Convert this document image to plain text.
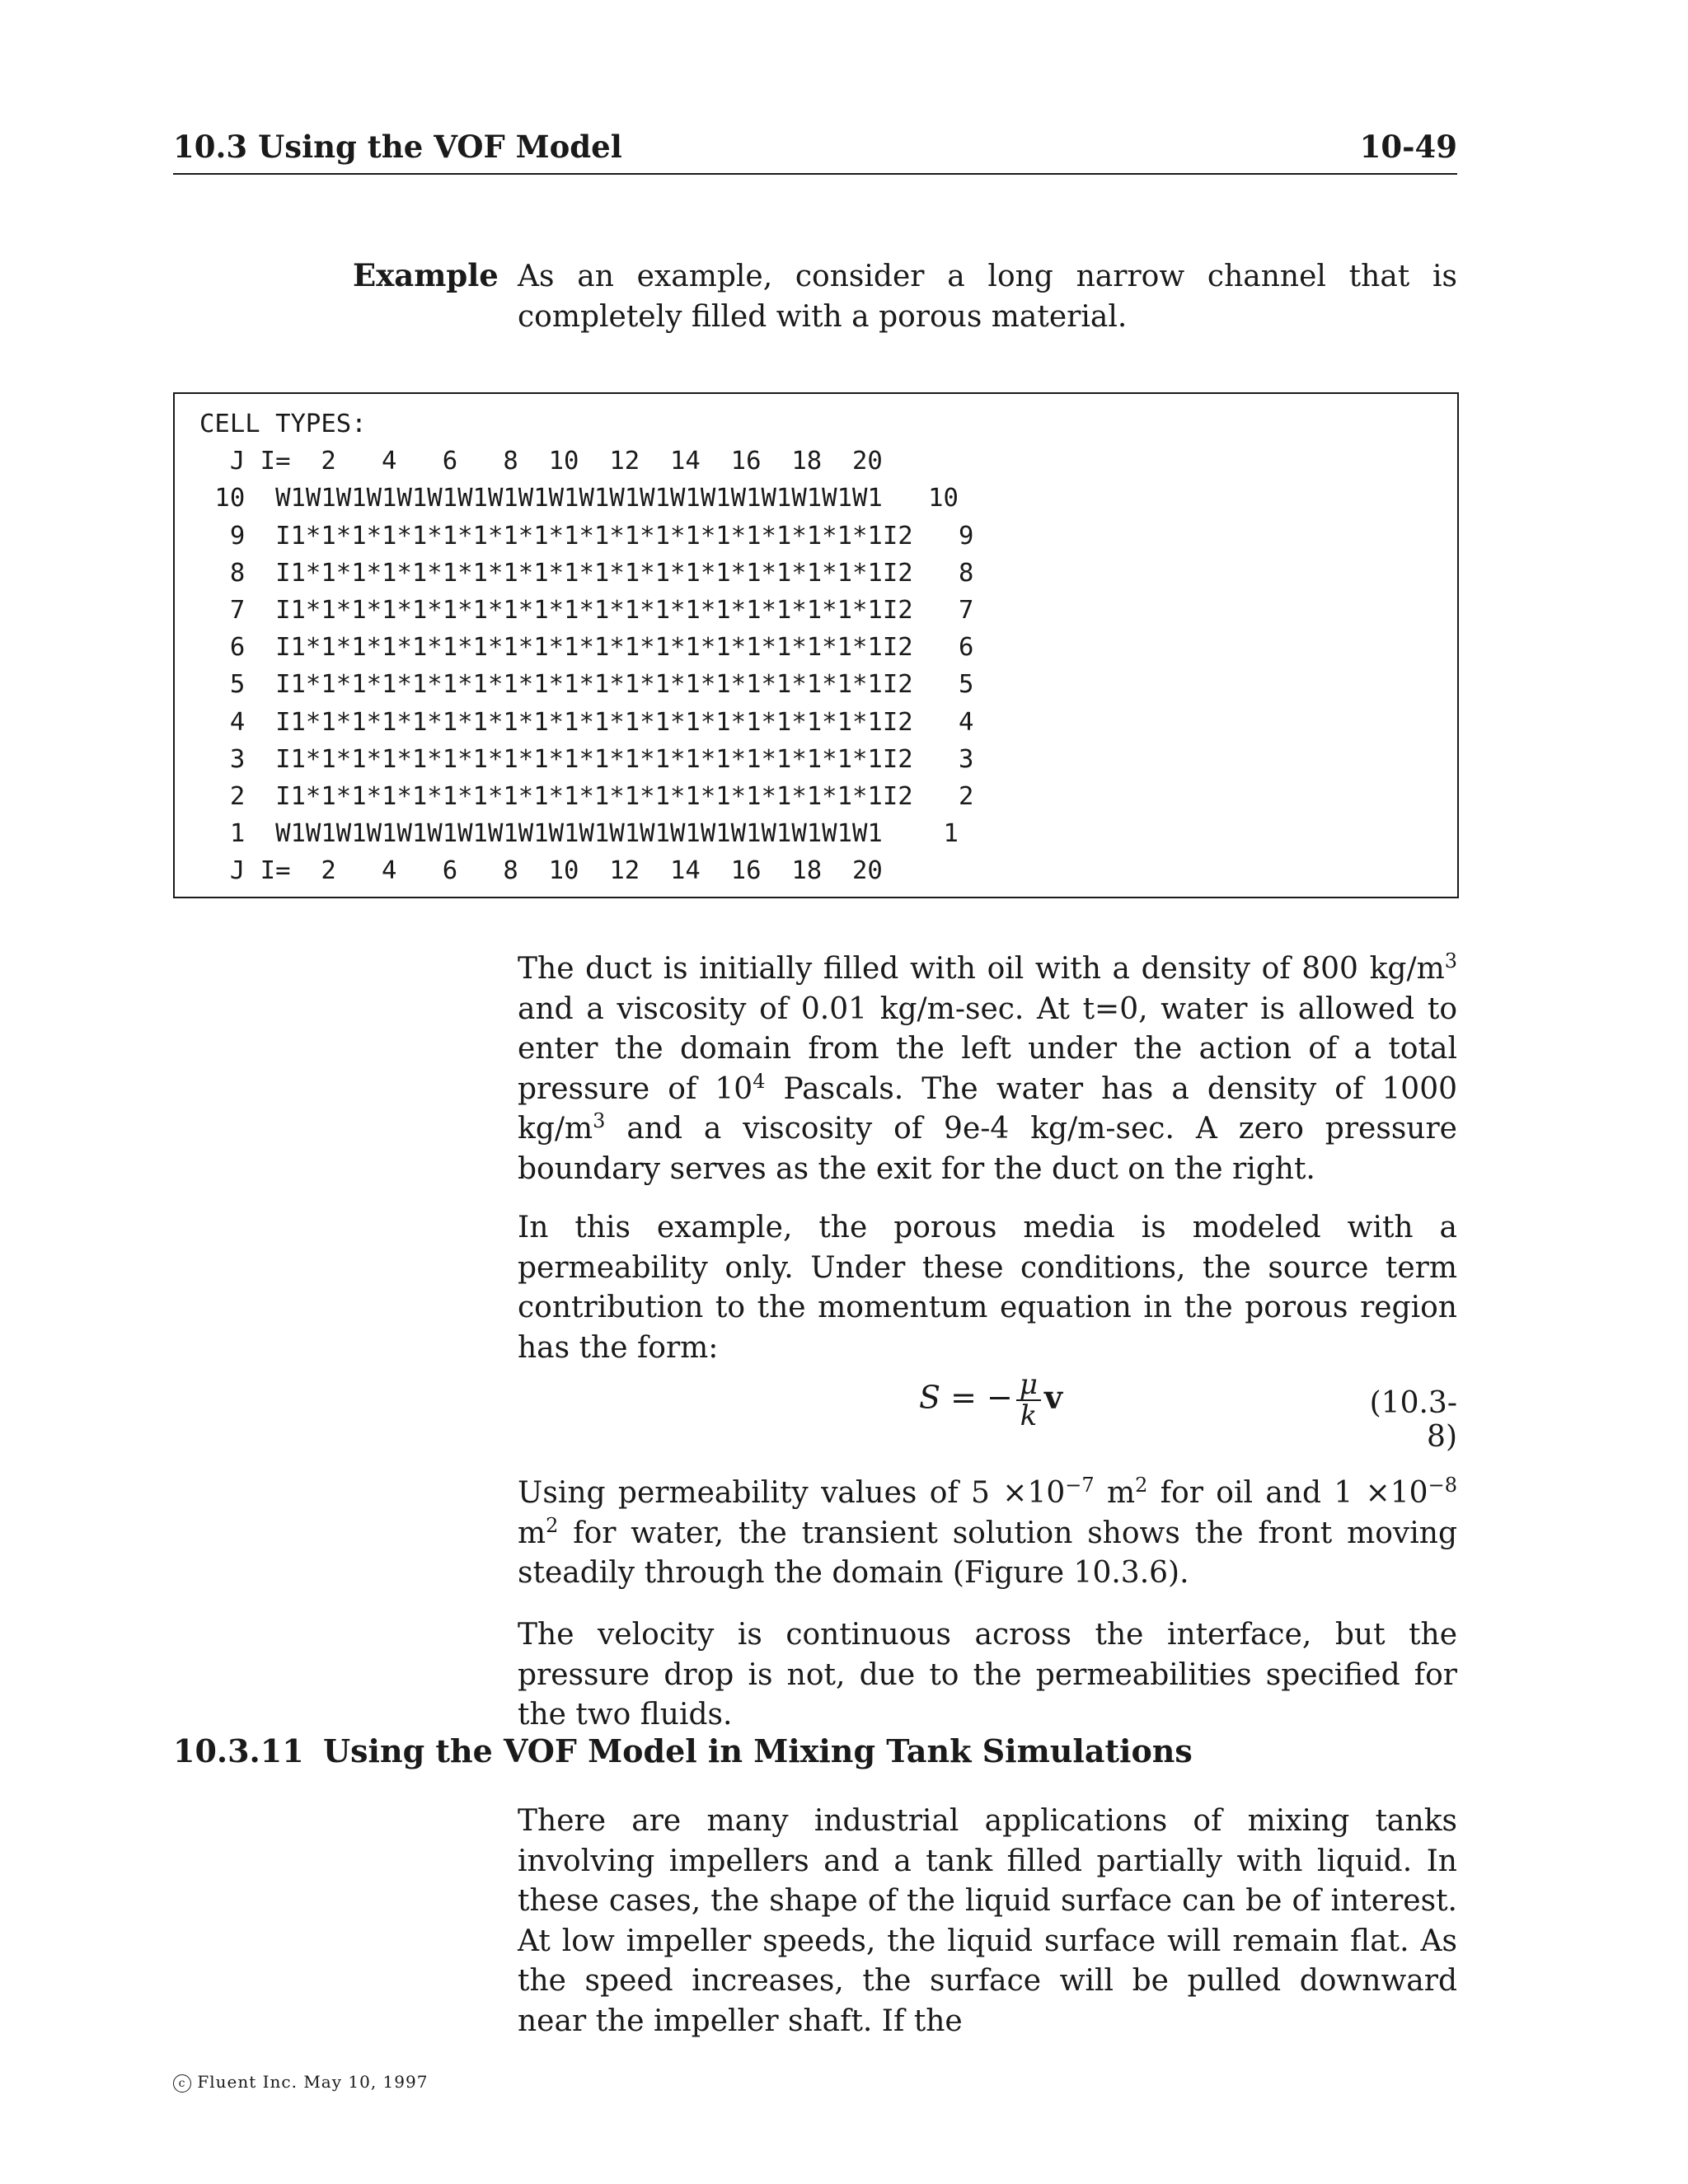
10.3 Using the VOF Model	10-49
Example As an example, consider a long narrow channel that is completely filled with a porous material.
CELL TYPES:
J I=  2   4   6   8  10  12  14  16  18  20
10  W1W1W1W1W1W1W1W1W1W1W1W1W1W1W1W1W1W1W1W1   10
9  I1*1*1*1*1*1*1*1*1*1*1*1*1*1*1*1*1*1*1*1I2   9
8  I1*1*1*1*1*1*1*1*1*1*1*1*1*1*1*1*1*1*1*1I2   8
7  I1*1*1*1*1*1*1*1*1*1*1*1*1*1*1*1*1*1*1*1I2   7
6  I1*1*1*1*1*1*1*1*1*1*1*1*1*1*1*1*1*1*1*1I2   6
5  I1*1*1*1*1*1*1*1*1*1*1*1*1*1*1*1*1*1*1*1I2   5
4  I1*1*1*1*1*1*1*1*1*1*1*1*1*1*1*1*1*1*1*1I2   4
3  I1*1*1*1*1*1*1*1*1*1*1*1*1*1*1*1*1*1*1*1I2   3
2  I1*1*1*1*1*1*1*1*1*1*1*1*1*1*1*1*1*1*1*1I2   2
1  W1W1W1W1W1W1W1W1W1W1W1W1W1W1W1W1W1W1W1W1    1
J I=  2   4   6   8  10  12  14  16  18  20
The duct is initially filled with oil with a density of 800 $kg/m^3$ and a viscosity of 0.01 kg/m-sec. At t=0, water is allowed to enter the domain from the left under the action of a total pressure of $10^4$ Pascals. The water has a density of 1000 $kg/m^3$ and a viscosity of 9e-4 kg/m-sec. A zero pressure boundary serves as the exit for the duct on the right.
In this example, the porous media is modeled with a permeability only. Under these conditions, the source term contribution to the momentum equation in the porous region has the form:
S = − $\frac{\mu}{k}$ v	(10.3-8)
Using permeability values of $5 \times 10^{-7}$ $m^2$ for oil and $1 \times 10^{-8}$ $m^2$ for water, the transient solution shows the front moving steadily through the domain (Figure 10.3.6).
The velocity is continuous across the interface, but the pressure drop is not, due to the permeabilities specified for the two fluids.
10.3.11 Using the VOF Model in Mixing Tank Simulations
There are many industrial applications of mixing tanks involving impellers and a tank filled partially with liquid. In these cases, the shape of the liquid surface can be of interest. At low impeller speeds, the liquid surface will remain flat. As the speed increases, the surface will be pulled downward near the impeller shaft. If the
c Fluent Inc. May 10, 1997
